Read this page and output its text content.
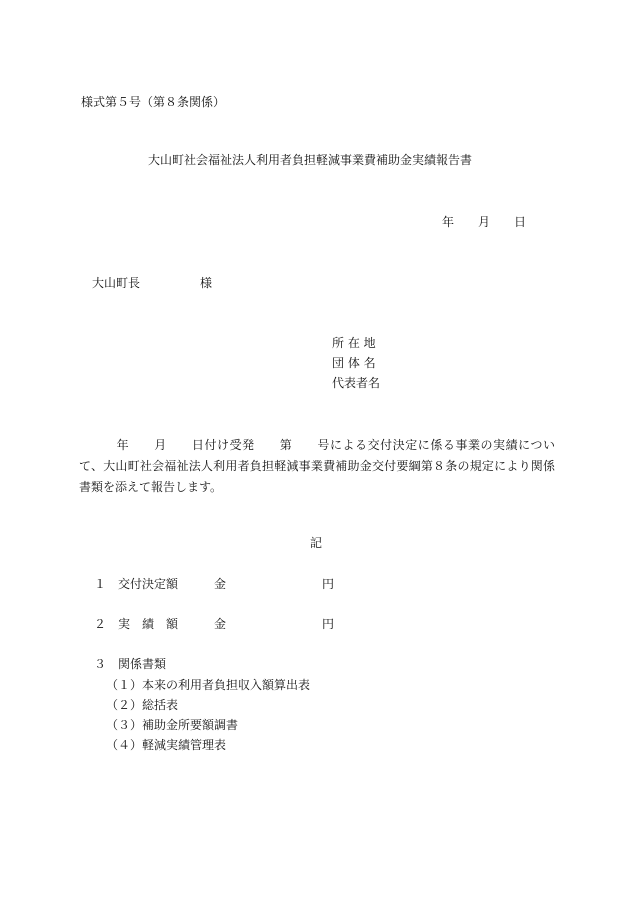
様式第５号（第８条関係）
大山町社会福祉法人利用者負担軽減事業費補助金実績報告書
年　　月　　日
大山町長　　　　　様
所 在 地
団 体 名
代表者名
　　　年　　月　　日付け受発　　第　　号による交付決定に係る事業の実績について、大山町社会福祉法人利用者負担軽減事業費補助金交付要綱第８条の規定により関係書類を添えて報告します。
記
１　交付決定額　　　金　　　　　　　　円
２　実　績　額　　　金　　　　　　　　円
３　関係書類
（１）本来の利用者負担収入額算出表
（２）総括表
（３）補助金所要額調書
（４）軽減実績管理表
